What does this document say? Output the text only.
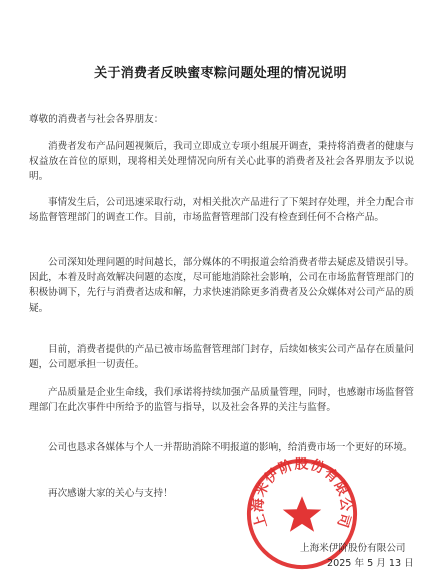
关于消费者反映蜜枣粽问题处理的情况说明
尊敬的消费者与社会各界朋友：
消费者发布产品问题视频后，我司立即成立专项小组展开调查，秉持将消费者的健康与权益放在首位的原则，现将相关处理情况向所有关心此事的消费者及社会各界朋友予以说明。
事情发生后，公司迅速采取行动，对相关批次产品进行了下架封存处理，并全力配合市场监督管理部门的调查工作。目前，市场监督管理部门没有检查到任何不合格产品。
公司深知处理问题的时间越长，部分媒体的不明报道会给消费者带去疑虑及错误引导。因此，本着及时高效解决问题的态度，尽可能地消除社会影响，公司在市场监督管理部门的积极协调下，先行与消费者达成和解，力求快速消除更多消费者及公众媒体对公司产品的质疑。
目前，消费者提供的产品已被市场监督管理部门封存，后续如核实公司产品存在质量问题，公司愿承担一切责任。
产品质量是企业生命线，我们承诺将持续加强产品质量管理，同时，也感谢市场监督管理部门在此次事件中所给予的监管与指导，以及社会各界的关注与监督。
公司也恳求各媒体与个人一并帮助消除不明报道的影响，给消费市场一个更好的环境。
再次感谢大家的关心与支持！
上海米伊阶股份有限公司
上海米伊阶股份有限公司
2025 年 5 月 13 日
